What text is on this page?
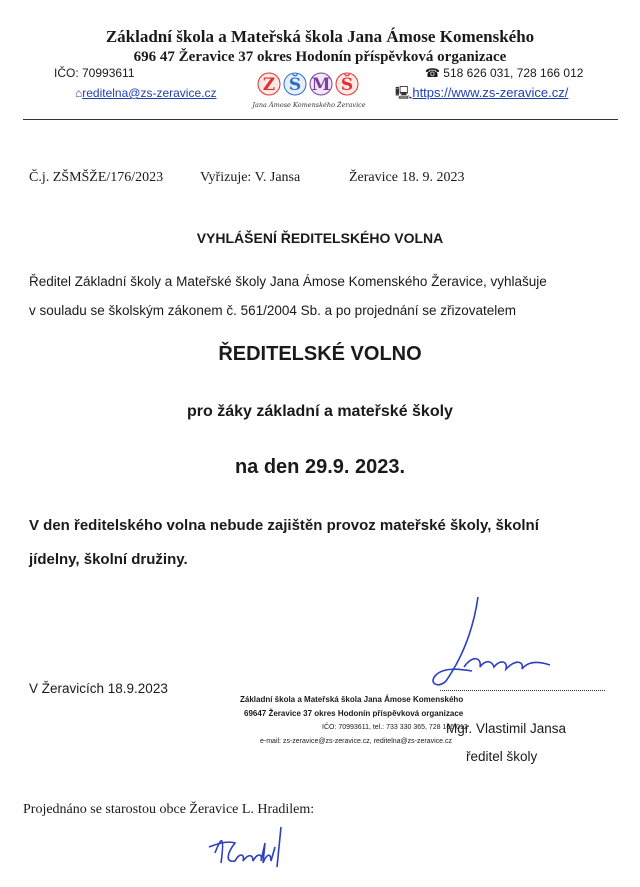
Základní škola a Mateřská škola Jana Ámose Komenského
696 47 Žeravice 37 okres Hodonín příspěvková organizace
IČO: 70993611	☎ 518 626 031, 728 166 012
⌂reditelna@zs-zeravice.cz	🖳https://www.zs-zeravice.cz/
Z Š M Š
Jana Ámose Komenského Žeravice
Č.j. ZŠMŠŽE/176/2023	Vyřizuje: V. Jansa	Žeravice 18. 9. 2023
VYHLÁŠENÍ ŘEDITELSKÉHO VOLNA
Ředitel Základní školy a Mateřské školy Jana Ámose Komenského Žeravice, vyhlašuje
v souladu se školským zákonem č. 561/2004 Sb. a po projednání se zřizovatelem
ŘEDITELSKÉ VOLNO
pro žáky základní a mateřské školy
na den 29.9. 2023.
V den ředitelského volna nebude zajištěn provoz mateřské školy, školní
jídelny, školní družiny.
V Žeravicích 18.9.2023
Základní škola a Mateřská škola Jana Ámose Komenského
69647 Žeravice 37 okres Hodonín příspěvková organizace
IČO: 70993611, tel.: 733 330 365, 728 166 012
e-mail: zs-zeravice@zs-zeravice.cz, reditelna@zs-zeravice.cz
Mgr. Vlastimil Jansa
ředitel školy
Projednáno se starostou obce Žeravice L. Hradilem:
